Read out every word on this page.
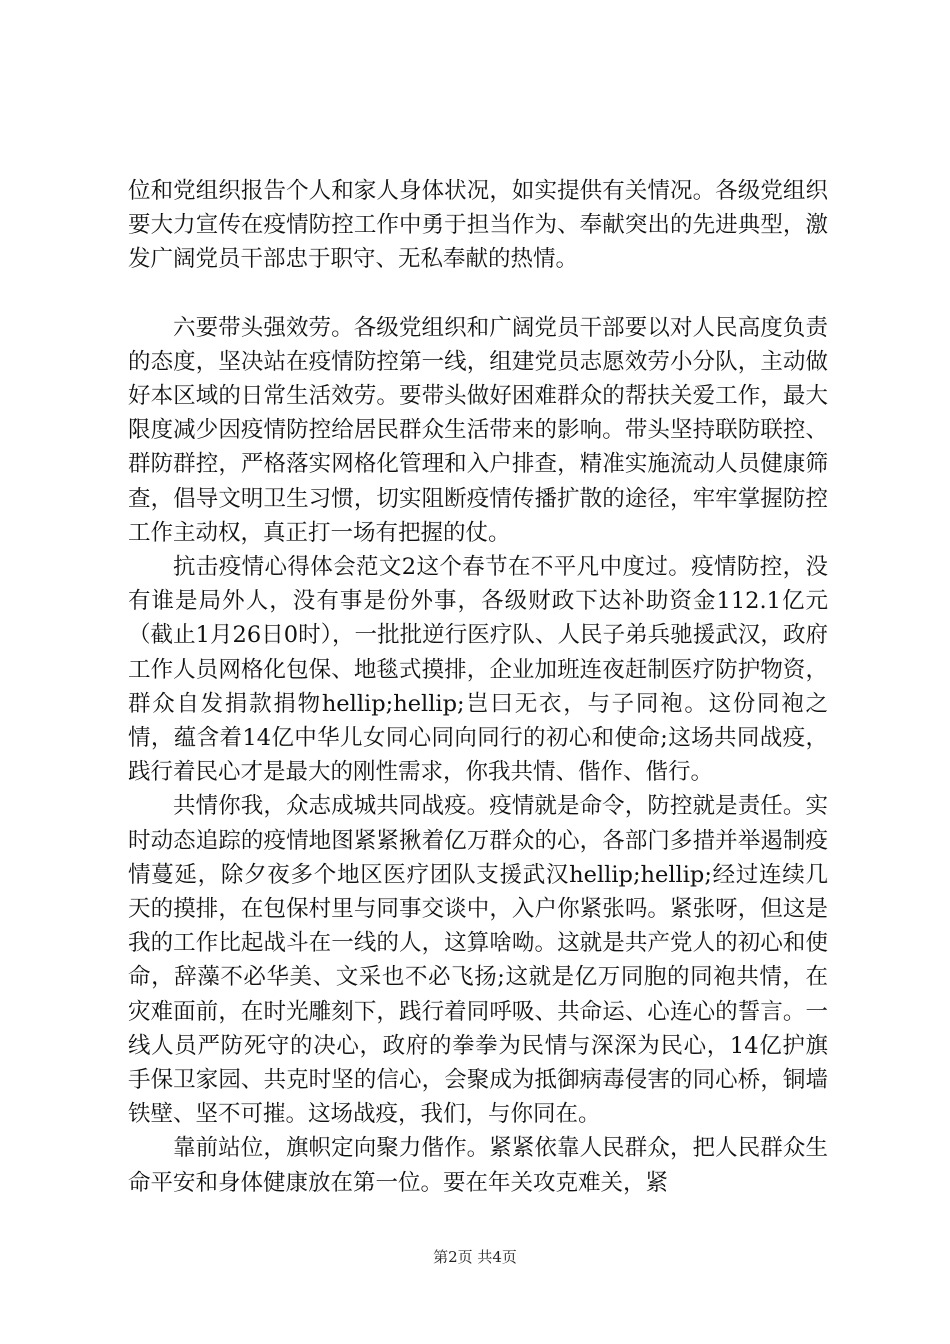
位和党组织报告个人和家人身体状况，如实提供有关情况。各级党组织要大力宣传在疫情防控工作中勇于担当作为、奉献突出的先进典型，激发广阔党员干部忠于职守、无私奉献的热情。

六要带头强效劳。各级党组织和广阔党员干部要以对人民高度负责的态度，坚决站在疫情防控第一线，组建党员志愿效劳小分队，主动做好本区域的日常生活效劳。要带头做好困难群众的帮扶关爱工作，最大限度减少因疫情防控给居民群众生活带来的影响。带头坚持联防联控、群防群控，严格落实网格化管理和入户排查，精准实施流动人员健康筛查，倡导文明卫生习惯，切实阻断疫情传播扩散的途径，牢牢掌握防控工作主动权，真正打一场有把握的仗。

抗击疫情心得体会范文2这个春节在不平凡中度过。疫情防控，没有谁是局外人，没有事是份外事，各级财政下达补助资金112.1亿元（截止1月26日0时），一批批逆行医疗队、人民子弟兵驰援武汉，政府工作人员网格化包保、地毯式摸排，企业加班连夜赶制医疗防护物资，群众自发捐款捐物hellip;hellip;岂曰无衣，与子同袍。这份同袍之情，蕴含着14亿中华儿女同心同向同行的初心和使命;这场共同战疫，践行着民心才是最大的刚性需求，你我共情、偕作、偕行。

共情你我，众志成城共同战疫。疫情就是命令，防控就是责任。实时动态追踪的疫情地图紧紧揪着亿万群众的心，各部门多措并举遏制疫情蔓延，除夕夜多个地区医疗团队支援武汉hellip;hellip;经过连续几天的摸排，在包保村里与同事交谈中，入户你紧张吗。紧张呀，但这是我的工作比起战斗在一线的人，这算啥呦。这就是共产党人的初心和使命，辞藻不必华美、文采也不必飞扬;这就是亿万同胞的同袍共情，在灾难面前，在时光雕刻下，践行着同呼吸、共命运、心连心的誓言。一线人员严防死守的决心，政府的拳拳为民情与深深为民心，14亿护旗手保卫家园、共克时坚的信心，会聚成为抵御病毒侵害的同心桥，铜墙铁壁、坚不可摧。这场战疫，我们，与你同在。

靠前站位，旗帜定向聚力偕作。紧紧依靠人民群众，把人民群众生命平安和身体健康放在第一位。要在年关攻克难关，紧

第2页 共4页
